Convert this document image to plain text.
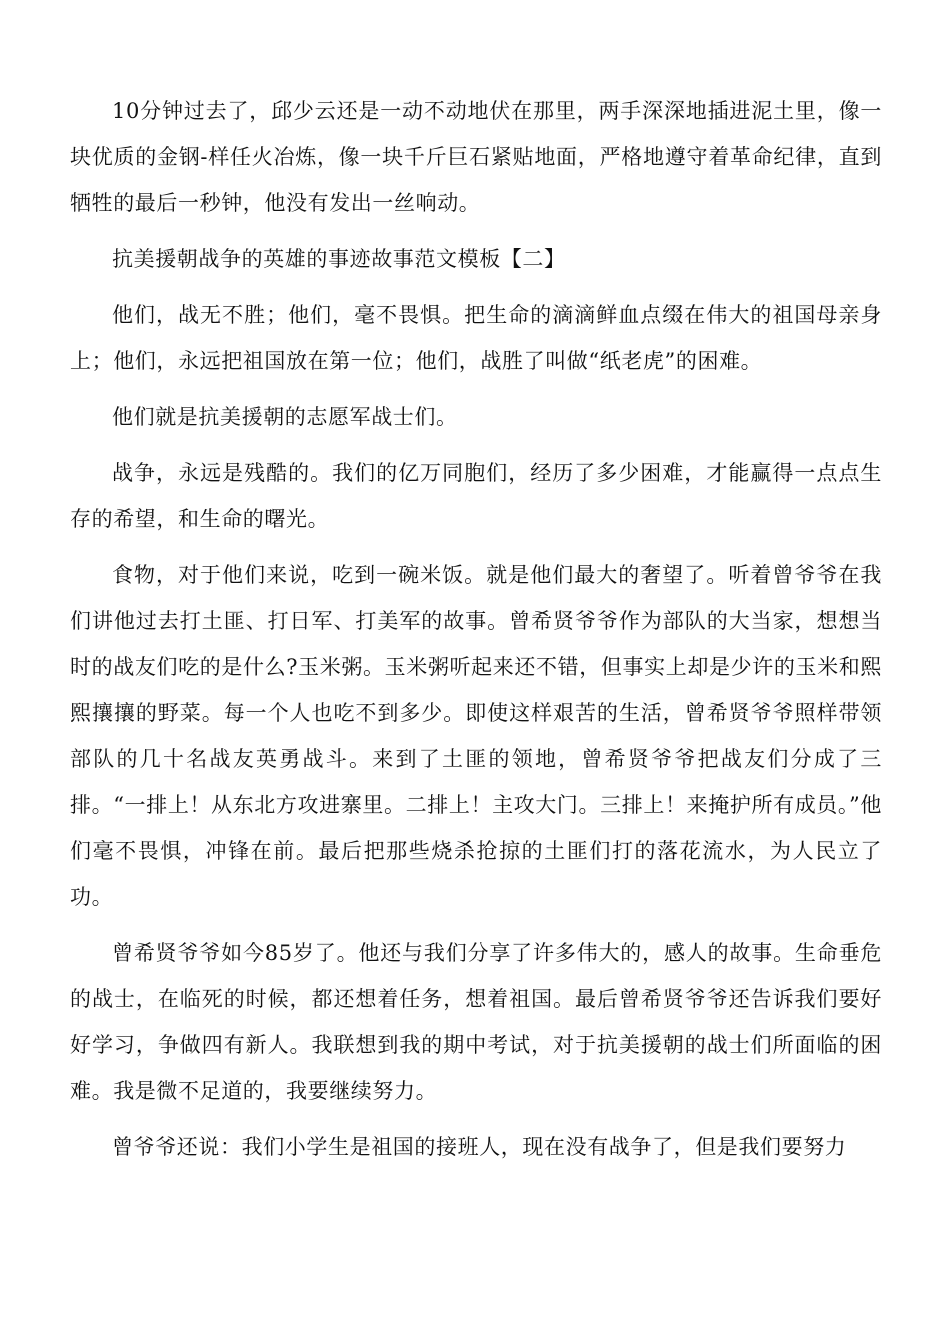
10分钟过去了，邱少云还是一动不动地伏在那里，两手深深地插进泥土里，像一块优质的金钢-样任火冶炼，像一块千斤巨石紧贴地面，严格地遵守着革命纪律，直到牺牲的最后一秒钟，他没有发出一丝响动。

抗美援朝战争的英雄的事迹故事范文模板【二】

他们，战无不胜；他们，毫不畏惧。把生命的滴滴鲜血点缀在伟大的祖国母亲身上；他们，永远把祖国放在第一位；他们，战胜了叫做“纸老虎”的困难。

他们就是抗美援朝的志愿军战士们。

战争，永远是残酷的。我们的亿万同胞们，经历了多少困难，才能赢得一点点生存的希望，和生命的曙光。

食物，对于他们来说，吃到一碗米饭。就是他们最大的奢望了。听着曾爷爷在我们讲他过去打土匪、打日军、打美军的故事。曾希贤爷爷作为部队的大当家，想想当时的战友们吃的是什么?玉米粥。玉米粥听起来还不错，但事实上却是少许的玉米和熙熙攘攘的野菜。每一个人也吃不到多少。即使这样艰苦的生活，曾希贤爷爷照样带领部队的几十名战友英勇战斗。来到了土匪的领地，曾希贤爷爷把战友们分成了三排。“一排上！从东北方攻进寨里。二排上！主攻大门。三排上！来掩护所有成员。”他们毫不畏惧，冲锋在前。最后把那些烧杀抢掠的土匪们打的落花流水，为人民立了功。

曾希贤爷爷如今85岁了。他还与我们分享了许多伟大的，感人的故事。生命垂危的战士，在临死的时候，都还想着任务，想着祖国。最后曾希贤爷爷还告诉我们要好好学习，争做四有新人。我联想到我的期中考试，对于抗美援朝的战士们所面临的困难。我是微不足道的，我要继续努力。

曾爷爷还说：我们小学生是祖国的接班人，现在没有战争了，但是我们要努力
